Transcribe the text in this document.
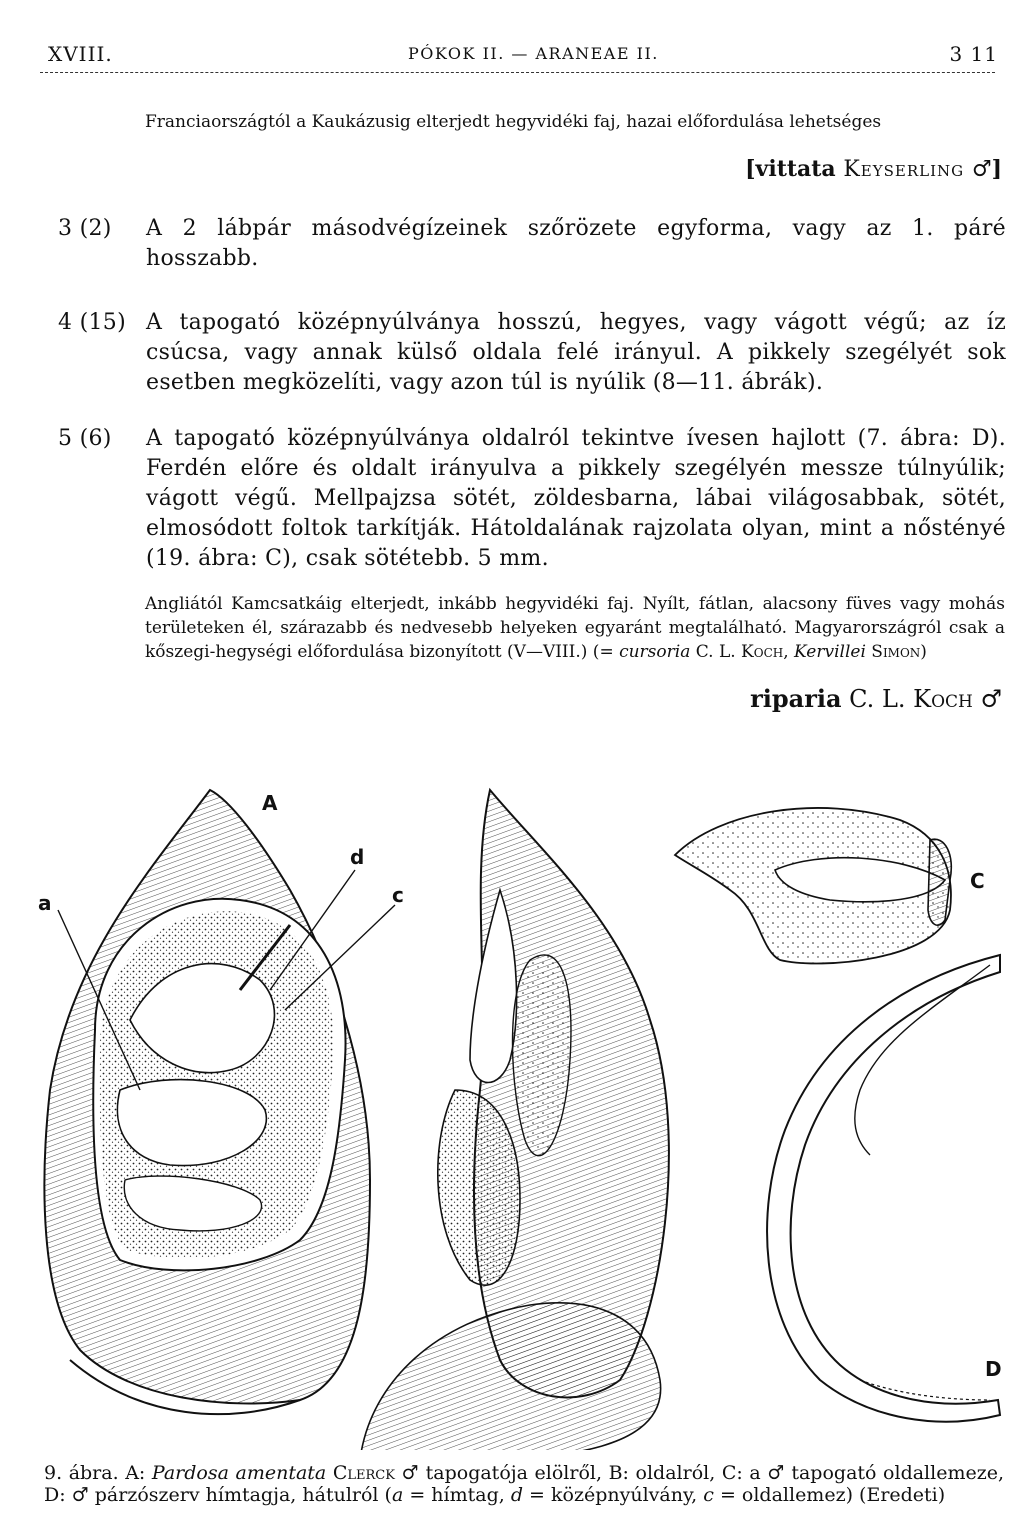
XVIII.	PÓKOK II. — ARANEAE II.	3 11
Franciaországtól a Kaukázusig elterjedt hegyvidéki faj, hazai előfordulása lehetséges
[vittata Keyserling ♂]
3 (2) A 2 lábpár másodvégízeinek szőrözete egyforma, vagy az 1. páré hosszabb.
4 (15) A tapogató középnyúlványa hosszú, hegyes, vagy vágott végű; az íz csúcsa, vagy annak külső oldala felé irányul. A pikkely szegélyét sok esetben megközelíti, vagy azon túl is nyúlik (8—11. ábrák).
5 (6) A tapogató középnyúlványa oldalról tekintve ívesen hajlott (7. ábra: D). Ferdén előre és oldalt irányulva a pikkely szegélyén messze túlnyúlik; vágott végű. Mellpajzsa sötét, zöldesbarna, lábai világosabbak, sötét, elmosódott foltok tarkítják. Hátoldalának rajzolata olyan, mint a nőstényé (19. ábra: C), csak sötétebb. 5 mm.
Angliától Kamcsatkáig elterjedt, inkább hegyvidéki faj. Nyílt, fátlan, alacsony füves vagy mohás területeken él, szárazabb és nedvesebb helyeken egyaránt megtalálható. Magyarországról csak a kőszegi-hegységi előfordulása bizonyított (V—VIII.) (= cursoria C. L. Koch, Kervillei Simon)
riparia C. L. Koch ♂
a
d
c
A
C
D
9. ábra. A: Pardosa amentata Clerck ♂ tapogatója elölről, B: oldalról, C: a ♂ tapogató oldallemeze, D: ♂ párzószerv hímtagja, hátulról (a = hímtag, d = középnyúlvány, c = oldallemez) (Eredeti)
